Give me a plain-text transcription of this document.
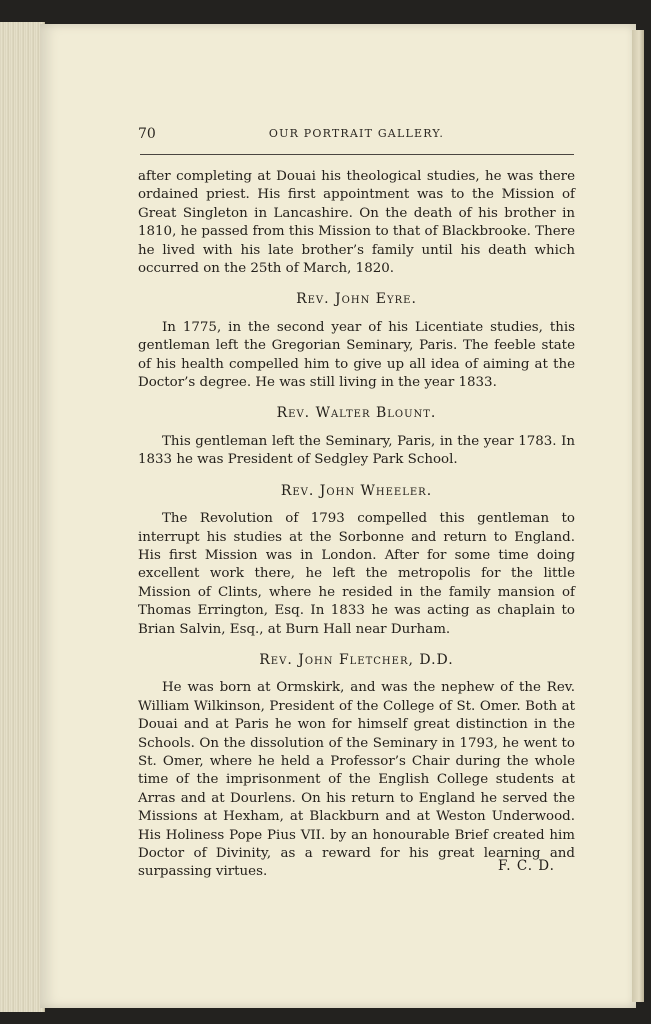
70	OUR PORTRAIT GALLERY.

after completing at Douai his theological studies, he was there ordained priest. His first appointment was to the Mission of Great Singleton in Lancashire. On the death of his brother in 1810, he passed from this Mission to that of Blackbrooke. There he lived with his late brother’s family until his death which occurred on the 25th of March, 1820.

Rev. John Eyre.

In 1775, in the second year of his Licentiate studies, this gentleman left the Gregorian Seminary, Paris. The feeble state of his health compelled him to give up all idea of aiming at the Doctor’s degree. He was still living in the year 1833.

Rev. Walter Blount.

This gentleman left the Seminary, Paris, in the year 1783. In 1833 he was President of Sedgley Park School.

Rev. John Wheeler.

The Revolution of 1793 compelled this gentleman to interrupt his studies at the Sorbonne and return to England. His first Mission was in London. After for some time doing excellent work there, he left the metropolis for the little Mission of Clints, where he resided in the family mansion of Thomas Errington, Esq. In 1833 he was acting as chaplain to Brian Salvin, Esq., at Burn Hall near Durham.

Rev. John Fletcher, D.D.

He was born at Ormskirk, and was the nephew of the Rev. William Wilkinson, President of the College of St. Omer. Both at Douai and at Paris he won for himself great distinction in the Schools. On the dissolution of the Seminary in 1793, he went to St. Omer, where he held a Professor’s Chair during the whole time of the imprisonment of the English College students at Arras and at Dourlens. On his return to England he served the Missions at Hexham, at Blackburn and at Weston Underwood. His Holiness Pope Pius VII. by an honourable Brief created him Doctor of Divinity, as a reward for his great learning and surpassing virtues.	F. C. D.
